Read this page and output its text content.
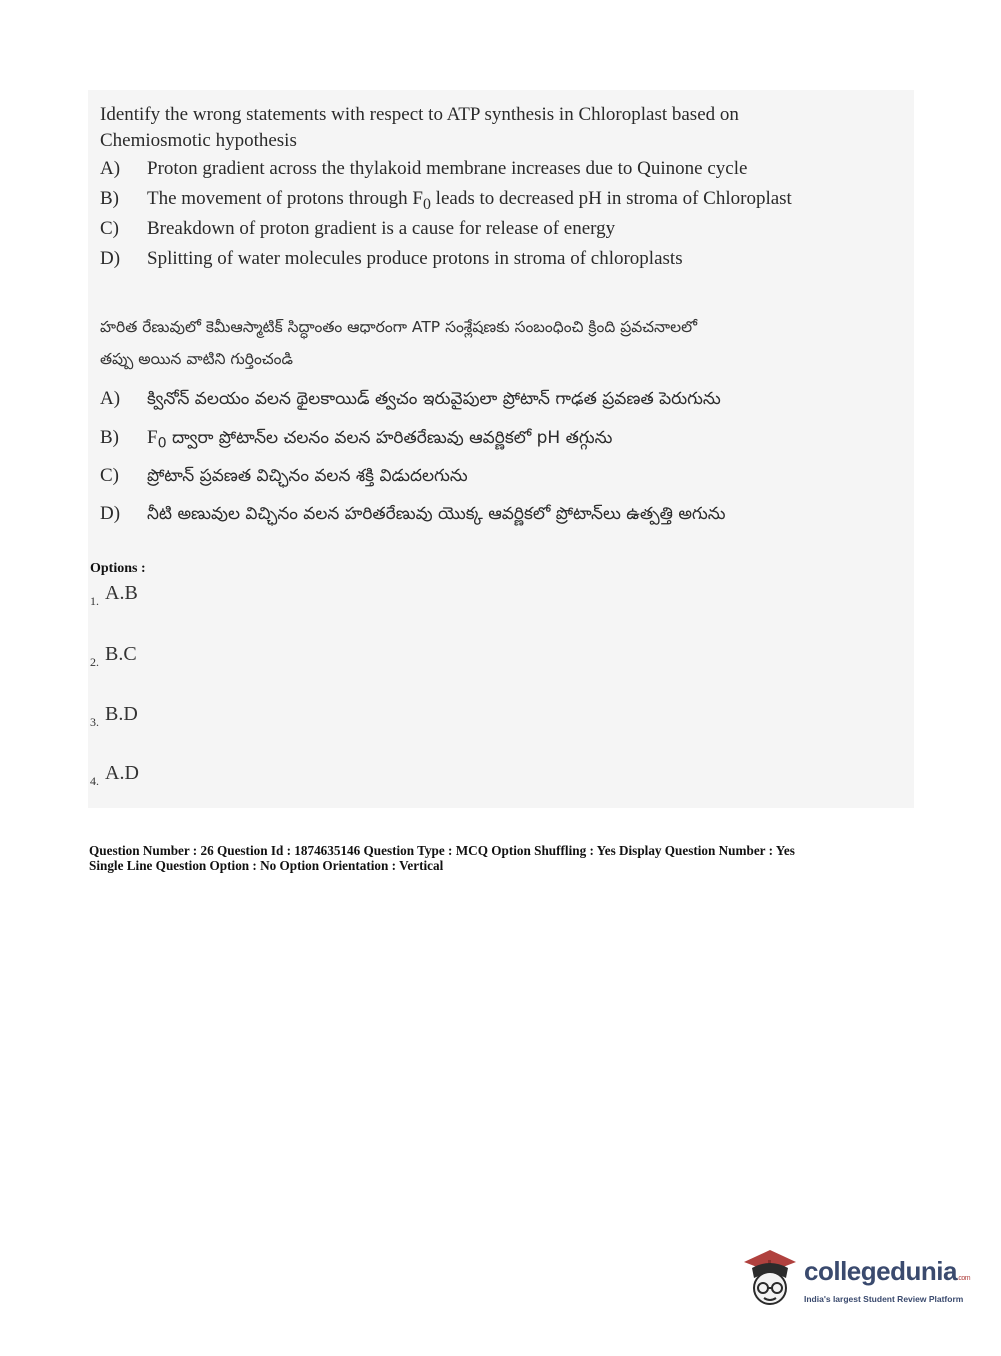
Identify the wrong statements with respect to ATP synthesis in Chloroplast based on
Chemiosmotic hypothesis
A) Proton gradient across the thylakoid membrane increases due to Quinone cycle
B) The movement of protons through $F_0$ leads to decreased pH in stroma of Chloroplast
C) Breakdown of proton gradient is a cause for release of energy
D) Splitting of water molecules produce protons in stroma of chloroplasts
హరిత రేణువులో కెమీఆస్మాటిక్ సిద్ధాంతం ఆధారంగా ATP సంశ్లేషణకు సంబంధించి క్రింది ప్రవచనాలలో
తప్పు అయిన వాటిని గుర్తించండి
A) క్వినోన్ వలయం వలన థైలకాయిడ్ త్వచం ఇరువైపులా ప్రోటాన్ గాఢత ప్రవణత పెరుగును
B) $F_0$ ద్వారా ప్రోటాన్‌ల చలనం వలన హరితరేణువు ఆవర్ణికలో pH తగ్గును
C) ప్రోటాన్ ప్రవణత విచ్ఛినం వలన శక్తి విడుదలగును
D) నీటి అణువుల విచ్ఛినం వలన హరితరేణువు యొక్క ఆవర్ణికలో ప్రోటాన్‌లు ఉత్పత్తి అగును
Options :
$_{1.}$ A.B
$_{2.}$ B.C
$_{3.}$ B.D
$_{4.}$ A.D
Question Number : 26 Question Id : 1874635146 Question Type : MCQ Option Shuffling : Yes Display Question Number : Yes
Single Line Question Option : No Option Orientation : Vertical
collegedunia.com
India's largest Student Review Platform
